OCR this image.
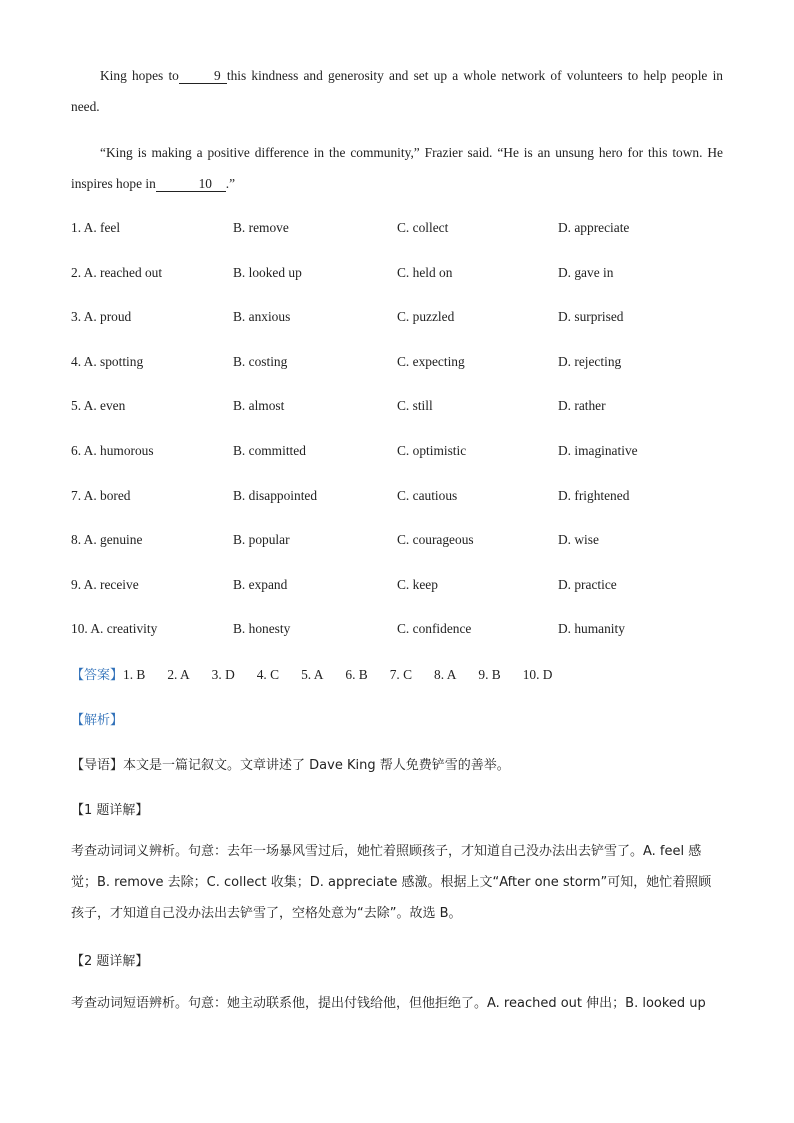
King hopes to	9 this kindness and generosity and set up a whole network of volunteers to help people in need.
“King is making a positive difference in the community,” Frazier said. “He is an unsung hero for this town. He inspires hope in	10 .”
1. A. feel	B. remove	C. collect	D. appreciate
2. A. reached out	B. looked up	C. held on	D. gave in
3. A. proud	B. anxious	C. puzzled	D. surprised
4. A. spotting	B. costing	C. expecting	D. rejecting
5. A. even	B. almost	C. still	D. rather
6. A. humorous	B. committed	C. optimistic	D. imaginative
7. A. bored	B. disappointed	C. cautious	D. frightened
8. A. genuine	B. popular	C. courageous	D. wise
9. A. receive	B. expand	C. keep	D. practice
10. A. creativity	B. honesty	C. confidence	D. humanity
【答案】1. B 2. A 3. D 4. C 5. A 6. B 7. C 8. A 9. B 10. D
【解析】
【导语】本文是一篇记叙文。文章讲述了 Dave King 帮人免费铲雪的善举。
【1 题详解】
考查动词词义辨析。句意：去年一场暴风雪过后，她忙着照顾孩子，才知道自己没办法出去铲雪了。A. feel 感觉；B. remove 去除；C. collect 收集；D. appreciate 感激。根据上文“After one storm”可知，她忙着照顾孩子，才知道自己没办法出去铲雪了，空格处意为“去除”。故选 B。
【2 题详解】
考查动词短语辨析。句意：她主动联系他，提出付钱给他，但他拒绝了。A. reached out 伸出；B. looked up
